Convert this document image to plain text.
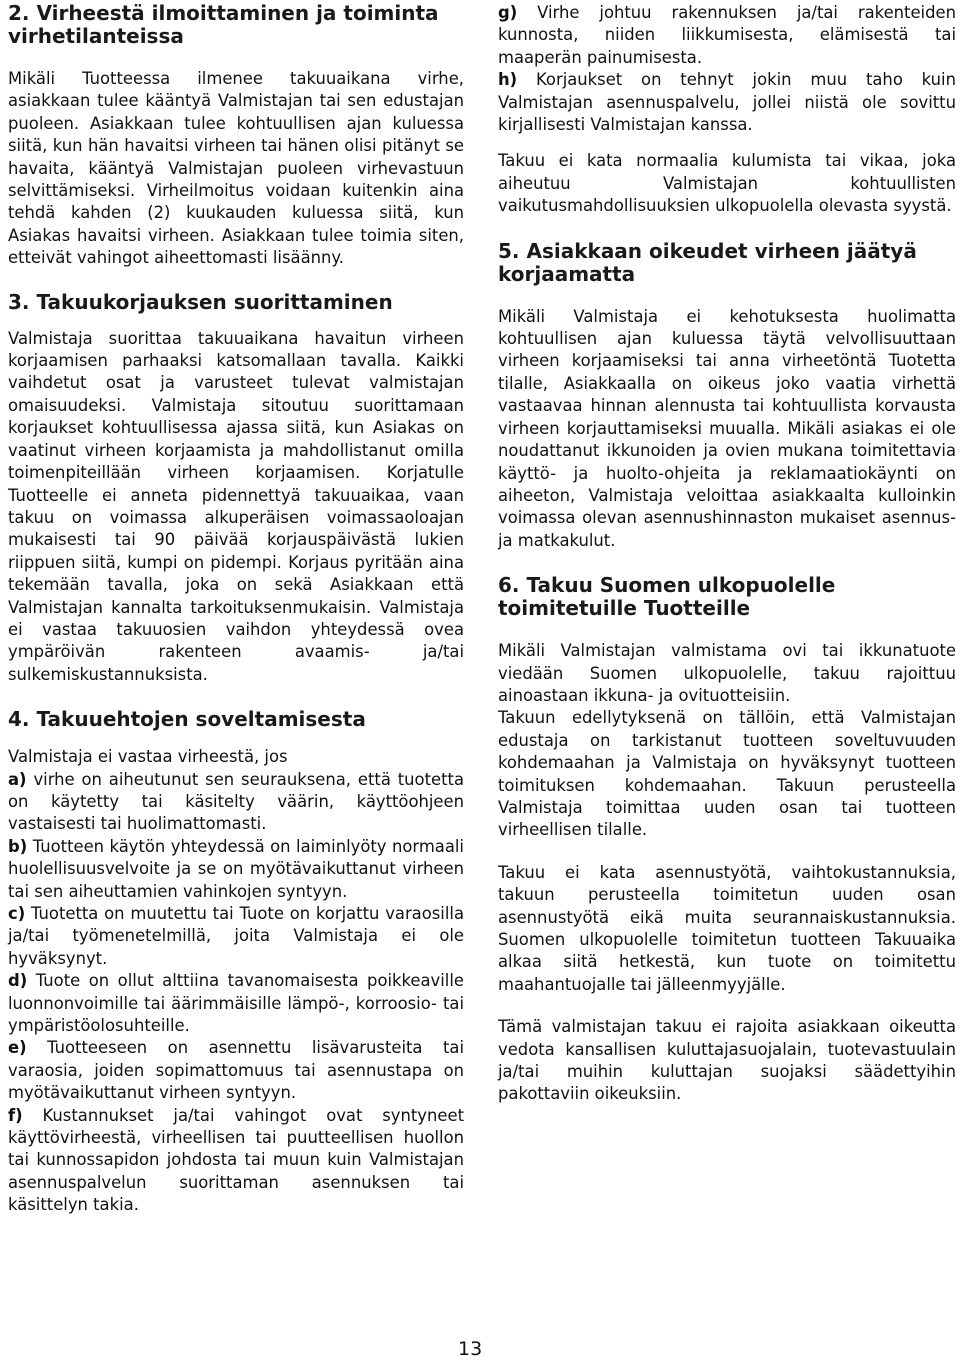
2. Virheestä ilmoittaminen ja toiminta virhetilanteissa

Mikäli Tuotteessa ilmenee takuuaikana virhe, asiakkaan tulee kääntyä Valmistajan tai sen edustajan puoleen. Asiakkaan tulee kohtuullisen ajan kuluessa siitä, kun hän havaitsi virheen tai hänen olisi pitänyt se havaita, kääntyä Valmistajan puoleen virhevastuun selvittämiseksi. Virheilmoitus voidaan kuitenkin aina tehdä kahden (2) kuukauden kuluessa siitä, kun Asiakas havaitsi virheen. Asiakkaan tulee toimia siten, etteivät vahingot aiheettomasti lisäänny.

3. Takuukorjauksen suorittaminen

Valmistaja suorittaa takuuaikana havaitun virheen korjaamisen parhaaksi katsomallaan tavalla. Kaikki vaihdetut osat ja varusteet tulevat valmistajan omaisuudeksi. Valmistaja sitoutuu suorittamaan korjaukset kohtuullisessa ajassa siitä, kun Asiakas on vaatinut virheen korjaamista ja mahdollistanut omilla toimenpiteillään virheen korjaamisen. Korjatulle Tuotteelle ei anneta pidennettyä takuuaikaa, vaan takuu on voimassa alkuperäisen voimassaoloajan mukaisesti tai 90 päivää korjauspäivästä lukien riippuen siitä, kumpi on pidempi. Korjaus pyritään aina tekemään tavalla, joka on sekä Asiakkaan että Valmistajan kannalta tarkoituksenmukaisin. Valmistaja ei vastaa takuuosien vaihdon yhteydessä ovea ympäröivän rakenteen avaamis- ja/tai sulkemiskustannuksista.

4. Takuuehtojen soveltamisesta

Valmistaja ei vastaa virheestä, jos

a) virhe on aiheutunut sen seurauksena, että tuotetta on käytetty tai käsitelty väärin, käyttöohjeen vastaisesti tai huolimattomasti.

b) Tuotteen käytön yhteydessä on laiminlyöty normaali huolellisuusvelvoite ja se on myötävaikuttanut virheen tai sen aiheuttamien vahinkojen syntyyn.

c) Tuotetta on muutettu tai Tuote on korjattu varaosilla ja/tai työmenetelmillä, joita Valmistaja ei ole hyväksynyt.

d) Tuote on ollut alttiina tavanomaisesta poikkeaville luonnonvoimille tai äärimmäisille lämpö-, korroosio- tai ympäristöolosuhteille.

e) Tuotteeseen on asennettu lisävarusteita tai varaosia, joiden sopimattomuus tai asennustapa on myötävaikuttanut virheen syntyyn.

f) Kustannukset ja/tai vahingot ovat syntyneet käyttövirheestä, virheellisen tai puutteellisen huollon tai kunnossapidon johdosta tai muun kuin Valmistajan asennuspalvelun suorittaman asennuksen tai käsittelyn takia.

g) Virhe johtuu rakennuksen ja/tai rakenteiden kunnosta, niiden liikkumisesta, elämisestä tai maaperän painumisesta.

h) Korjaukset on tehnyt jokin muu taho kuin Valmistajan asennuspalvelu, jollei niistä ole sovittu kirjallisesti Valmistajan kanssa.

Takuu ei kata normaalia kulumista tai vikaa, joka aiheutuu Valmistajan kohtuullisten vaikutusmahdollisuuksien ulkopuolella olevasta syystä.

5. Asiakkaan oikeudet virheen jäätyä korjaamatta

Mikäli Valmistaja ei kehotuksesta huolimatta kohtuullisen ajan kuluessa täytä velvollisuuttaan virheen korjaamiseksi tai anna virheetöntä Tuotetta tilalle, Asiakkaalla on oikeus joko vaatia virhettä vastaavaa hinnan alennusta tai kohtuullista korvausta virheen korjauttamiseksi muualla. Mikäli asiakas ei ole noudattanut ikkunoiden ja ovien mukana toimitettavia käyttö- ja huolto-ohjeita ja reklamaatiokäynti on aiheeton, Valmistaja veloittaa asiakkaalta kulloinkin voimassa olevan asennushinnaston mukaiset asennus- ja matkakulut.

6. Takuu Suomen ulkopuolelle toimitetuille Tuotteille

Mikäli Valmistajan valmistama ovi tai ikkunatuote viedään Suomen ulkopuolelle, takuu rajoittuu ainoastaan ikkuna- ja ovituotteisiin.

Takuun edellytyksenä on tällöin, että Valmistajan edustaja on tarkistanut tuotteen soveltuvuuden kohdemaahan ja Valmistaja on hyväksynyt tuotteen toimituksen kohdemaahan. Takuun perusteella Valmistaja toimittaa uuden osan tai tuotteen virheellisen tilalle.

Takuu ei kata asennustyötä, vaihtokustannuksia, takuun perusteella toimitetun uuden osan asennustyötä eikä muita seurannaiskustannuksia. Suomen ulkopuolelle toimitetun tuotteen Takuuaika alkaa siitä hetkestä, kun tuote on toimitettu maahantuojalle tai jälleenmyyjälle.

Tämä valmistajan takuu ei rajoita asiakkaan oikeutta vedota kansallisen kuluttajasuojalain, tuotevastuulain ja/tai muihin kuluttajan suojaksi säädettyihin pakottaviin oikeuksiin.

13
